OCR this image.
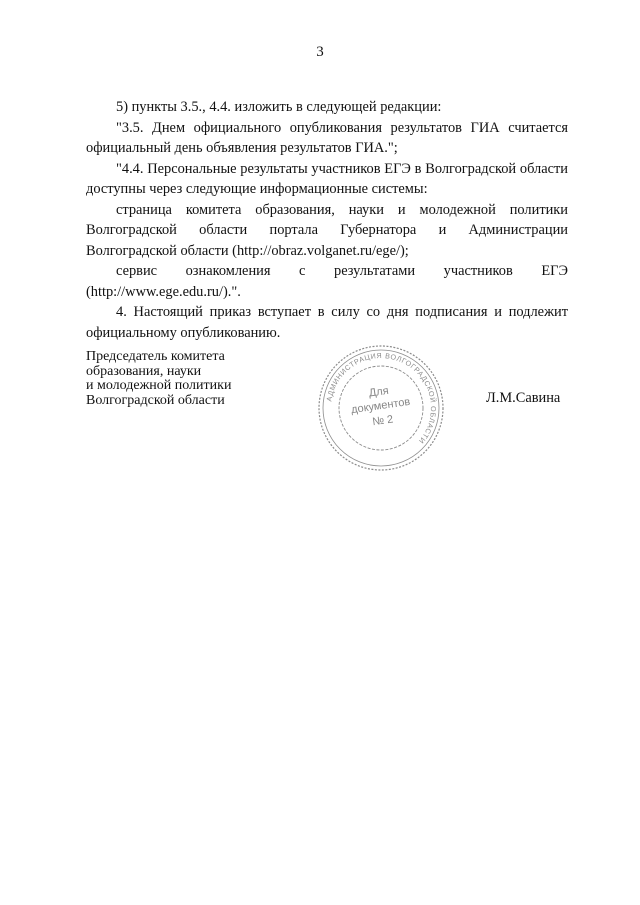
3

5) пункты 3.5., 4.4. изложить в следующей редакции:

"3.5. Днем официального опубликования результатов ГИА считается официальный день объявления результатов ГИА.";

"4.4. Персональные результаты участников ЕГЭ в Волгоградской области доступны через следующие информационные системы:

страница комитета образования, науки и молодежной политики Волгоградской области портала Губернатора и Администрации Волгоградской области (http://obraz.volganet.ru/ege/);

сервис ознакомления с результатами участников ЕГЭ (http://www.ege.edu.ru/).".

4. Настоящий приказ вступает в силу со дня подписания и подлежит официальному опубликованию.

Председатель комитета
образования, науки
и молодежной политики
Волгоградской области	АДМИНИСТРАЦИЯ ВОЛГОГРАДСКОЙ ОБЛАСТИ
Для
документов
№ 2
Л.М.Савина
